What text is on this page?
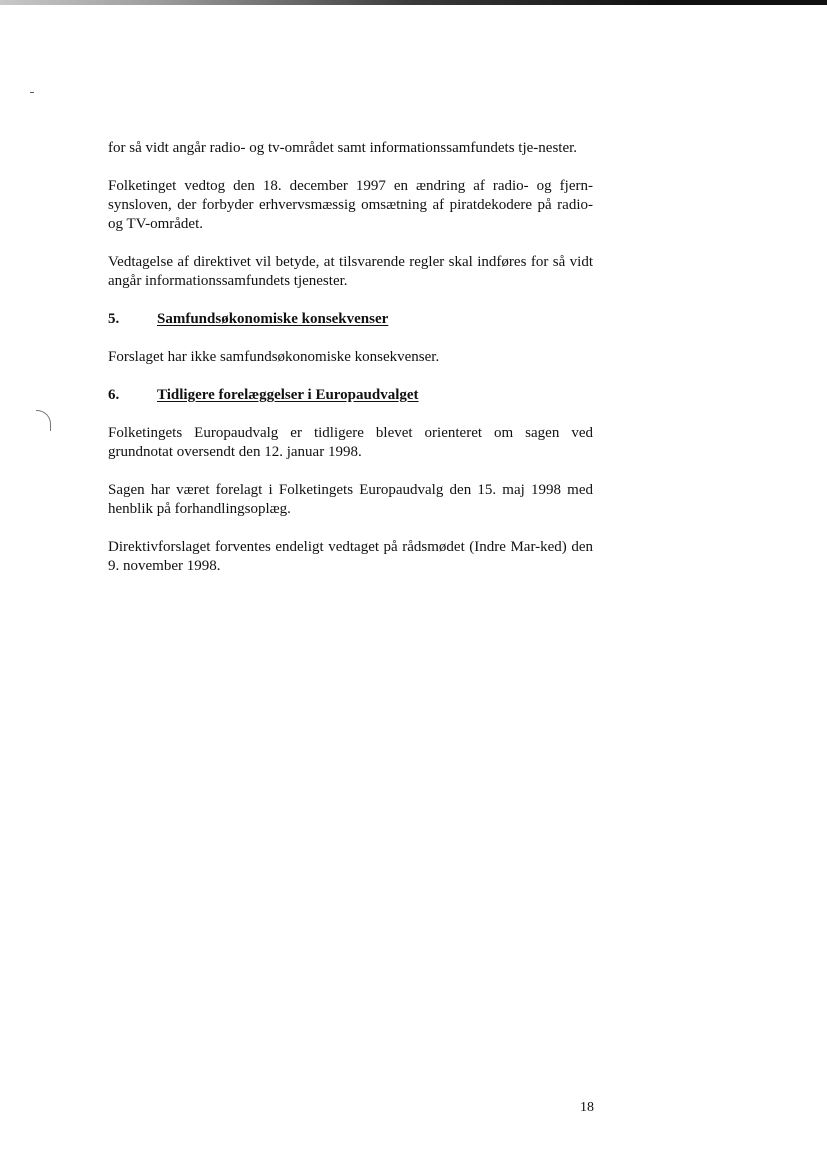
for så vidt angår radio- og tv-området samt informationssamfundets tje-nester.

Folketinget vedtog den 18. december 1997 en ændring af radio- og fjern-synsloven, der forbyder erhvervsmæssig omsætning af piratdekodere på radio- og TV-området.

Vedtagelse af direktivet vil betyde, at tilsvarende regler skal indføres for så vidt angår informationssamfundets tjenester.

5.	Samfundsøkonomiske konsekvenser

Forslaget har ikke samfundsøkonomiske konsekvenser.

6.	Tidligere forelæggelser i Europaudvalget

Folketingets Europaudvalg er tidligere blevet orienteret om sagen ved grundnotat oversendt den 12. januar 1998.

Sagen har været forelagt i Folketingets Europaudvalg den 15. maj 1998 med henblik på forhandlingsoplæg.

Direktivforslaget forventes endeligt vedtaget på rådsmødet (Indre Mar-ked) den 9. november 1998.

18
